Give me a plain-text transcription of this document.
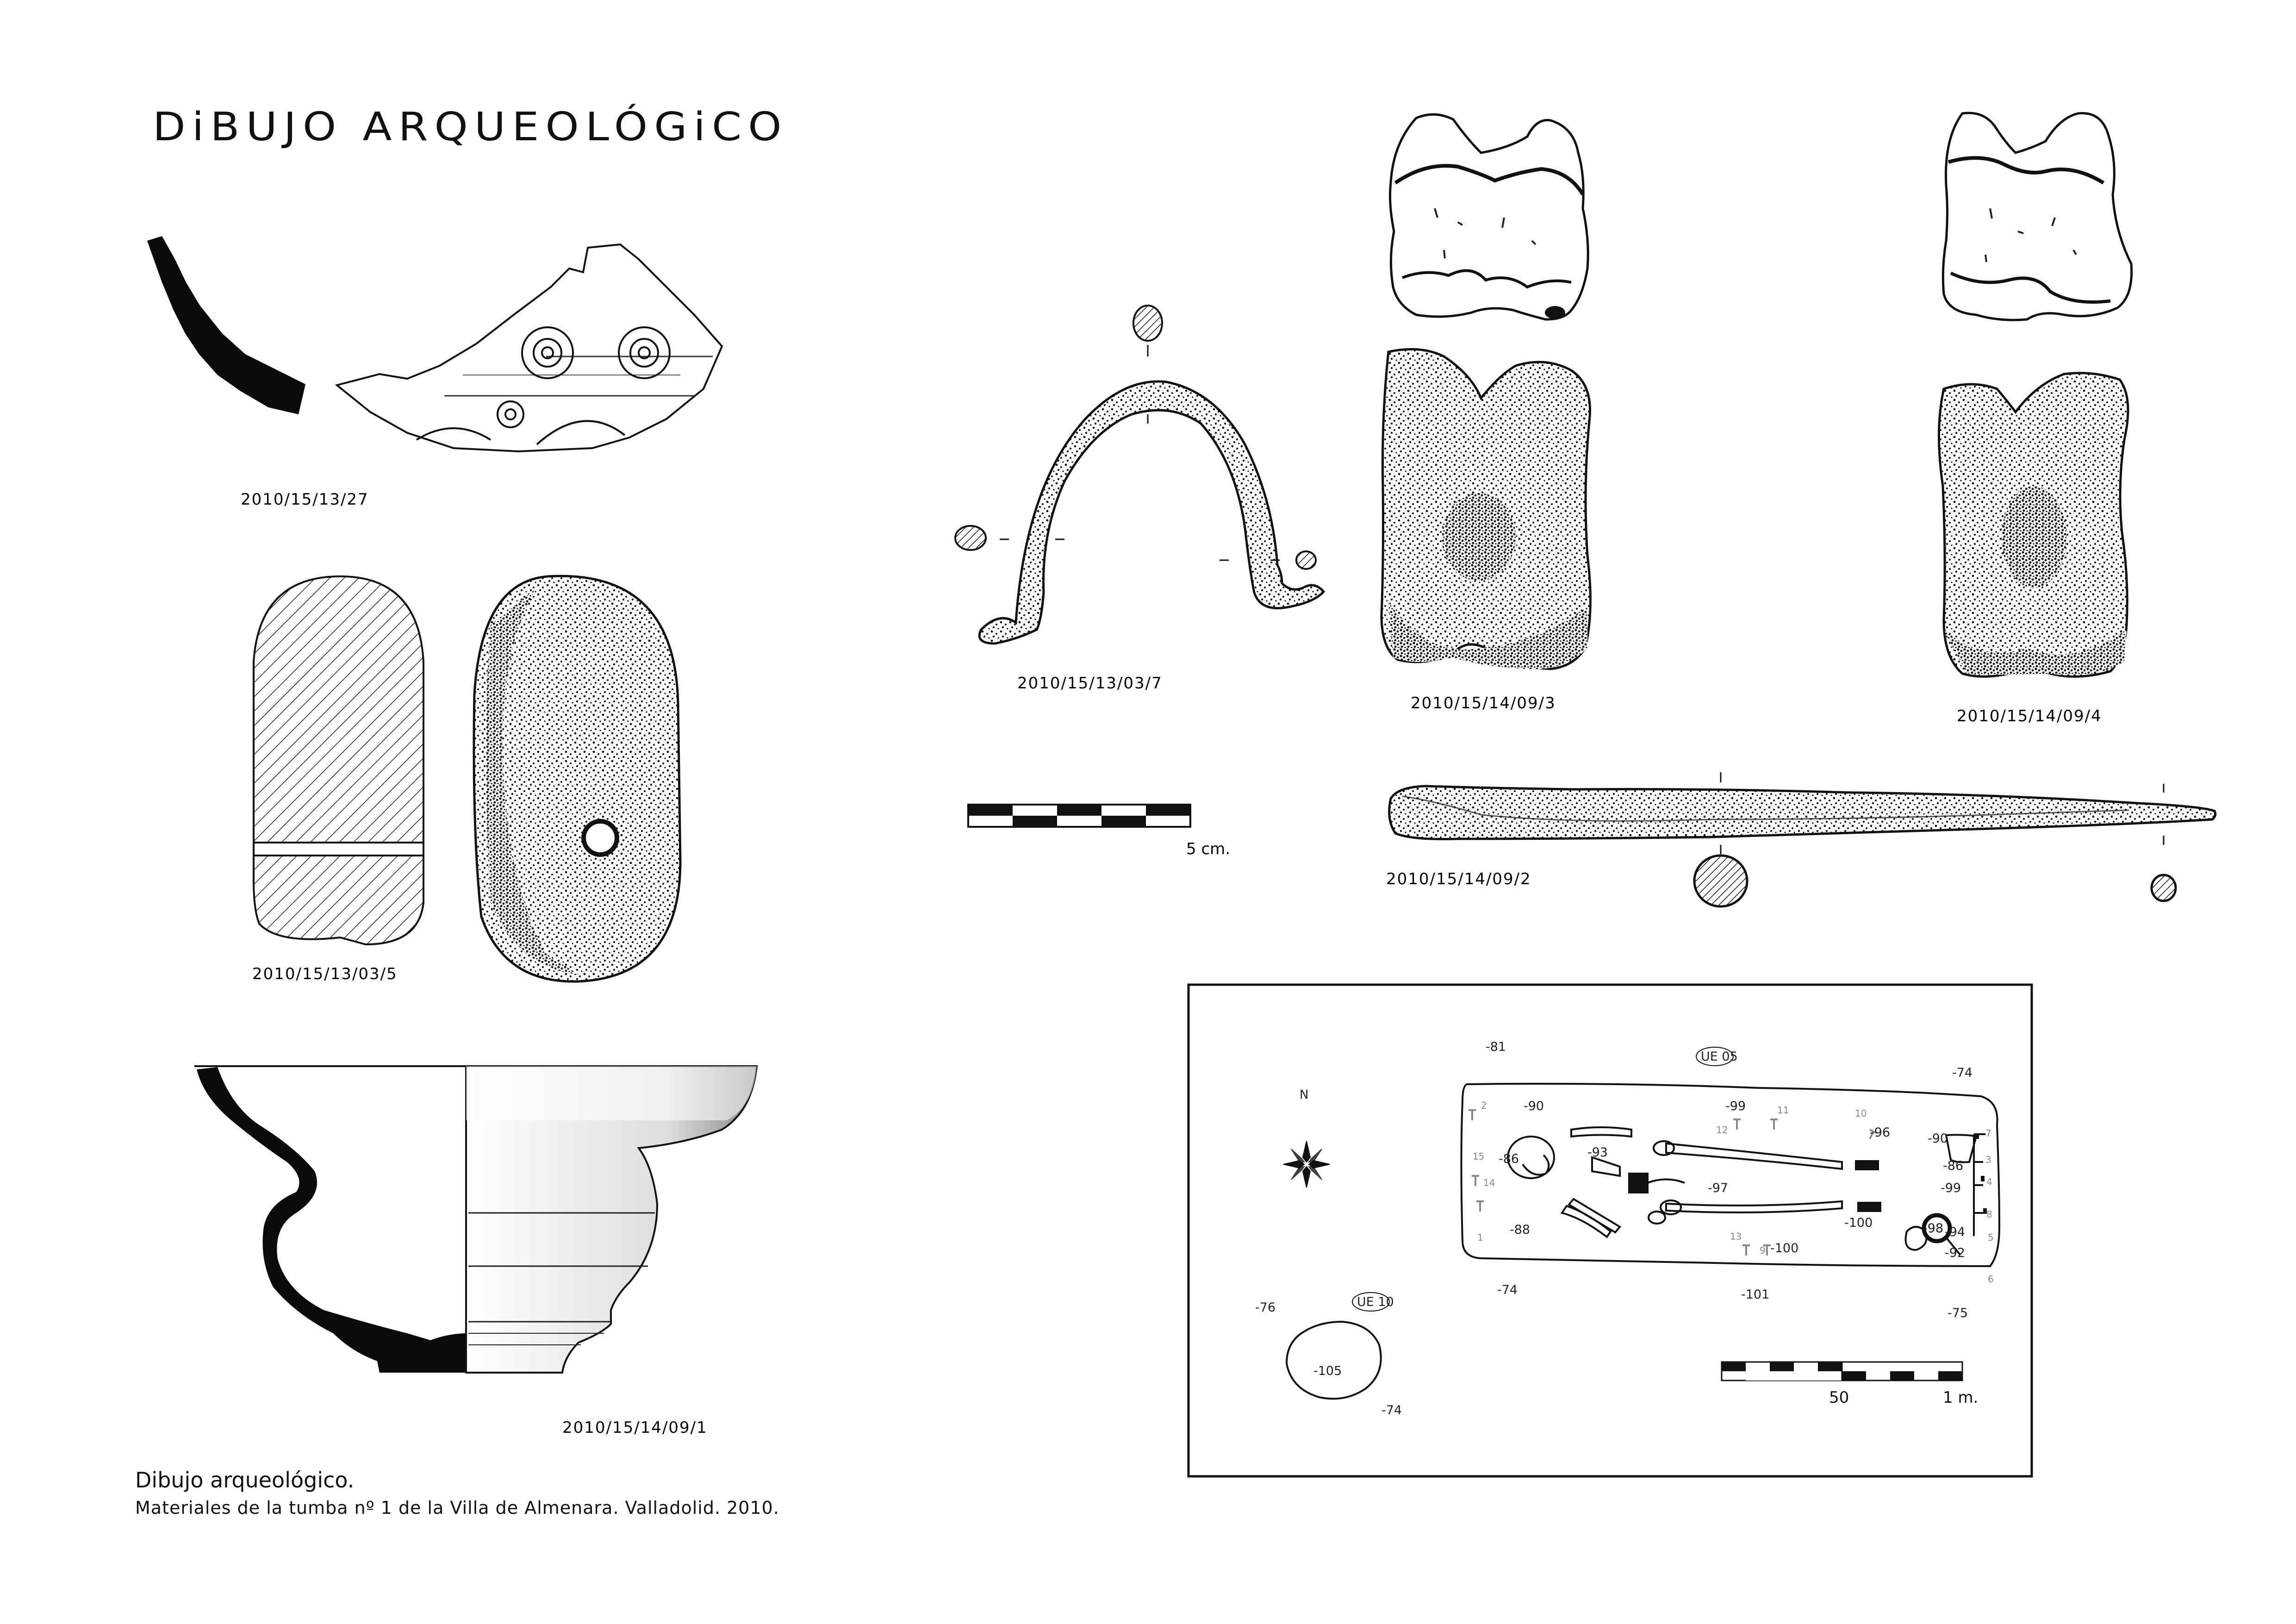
DiBUJO ARQUEOLÓGiCO
2010/15/13/27
2010/15/13/03/5
2010/15/14/09/1
2010/15/13/03/7
5 cm.
2010/15/14/09/3
2010/15/14/09/4
2010/15/14/09/2
N
UE 05
UE 10
-81
-74
-90	-99
-96	-90
-86	-93
-97
-86
-99
-88	-100	-98 -94
-92
-100
-74	-101
-75
-76
-105
-74
2	11	10
12	7
3
15
14	4
8
13
9
5
1
6
50	1 m.
Dibujo arqueológico.
Materiales de la tumba nº 1 de la Villa de Almenara. Valladolid. 2010.
